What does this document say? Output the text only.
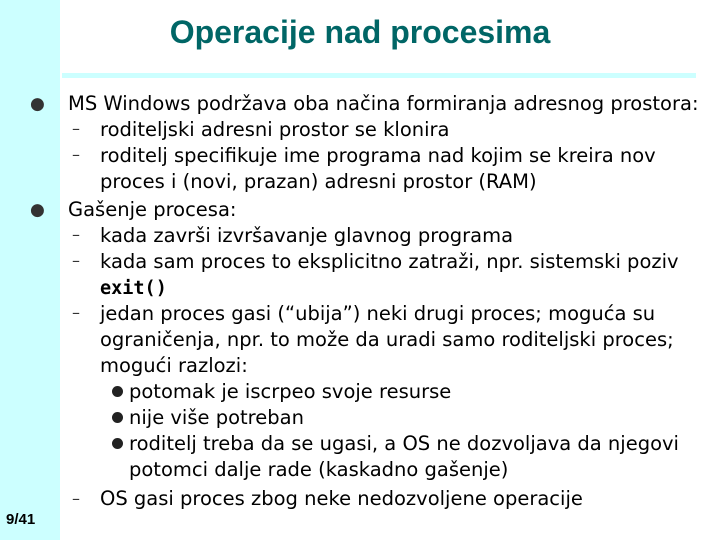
9/41
Operacije nad procesima
● MS Windows podržava oba načina formiranja adresnog prostora:
– roditeljski adresni prostor se klonira
– roditelj specifikuje ime programa nad kojim se kreira nov
proces i (novi, prazan) adresni prostor (RAM)
● Gašenje procesa:
– kada završi izvršavanje glavnog programa
– kada sam proces to eksplicitno zatraži, npr. sistemski poziv
exit()
– jedan proces gasi (“ubija”) neki drugi proces; moguća su
ograničenja, npr. to može da uradi samo roditeljski proces;
mogući razlozi:
potomak je iscrpeo svoje resurse
nije više potreban
roditelj treba da se ugasi, a OS ne dozvoljava da njegovi
potomci dalje rade (kaskadno gašenje)
– OS gasi proces zbog neke nedozvoljene operacije
